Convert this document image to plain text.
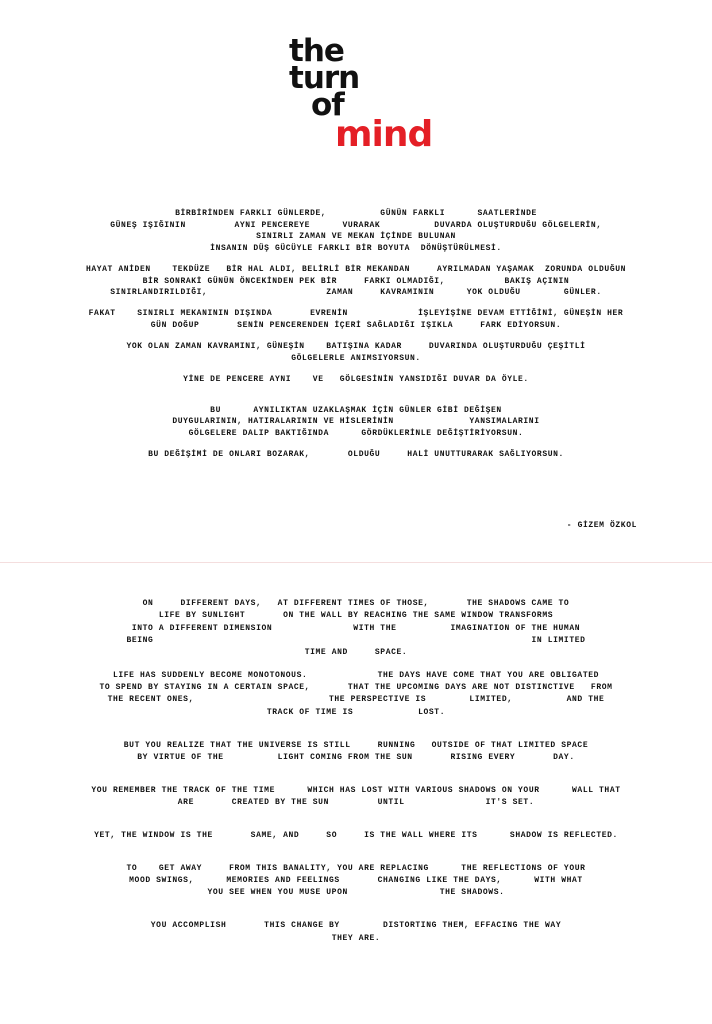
the
turn
of
mind

BİRBİRİNDEN FARKLI GÜNLERDE,          GÜNÜN FARKLI      SAATLERİNDE

GÜNEŞ IŞIĞININ         AYNI PENCEREYE      VURARAK          DUVARDA OLUŞTURDUĞU GÖLGELERİN,

SINIRLI ZAMAN VE MEKAN İÇİNDE BULUNAN

İNSANIN DÜŞ GÜCÜYLE FARKLI BİR BOYUTA  DÖNÜŞTÜRÜLMESİ.

HAYAT ANİDEN    TEKDÜZE   BİR HAL ALDI, BELİRLİ BİR MEKANDAN     AYRILMADAN YAŞAMAK  ZORUNDA OLDUĞUN

BİR SONRAKİ GÜNÜN ÖNCEKİNDEN PEK BİR     FARKI OLMADIĞI,           BAKIŞ AÇININ

SINIRLANDIRILDIĞI,                      ZAMAN     KAVRAMININ      YOK OLDUĞU        GÜNLER.

FAKAT    SINIRLI MEKANININ DIŞINDA       EVRENİN             İŞLEYİŞİNE DEVAM ETTİĞİNİ, GÜNEŞİN HER

GÜN DOĞUP       SENİN PENCERENDEN İÇERİ SAĞLADIĞI IŞIKLA     FARK EDİYORSUN.

YOK OLAN ZAMAN KAVRAMINI, GÜNEŞİN    BATIŞINA KADAR     DUVARINDA OLUŞTURDUĞU ÇEŞİTLİ

GÖLGELERLE ANIMSIYORSUN.

YİNE DE PENCERE AYNI    VE   GÖLGESİNİN YANSIDIĞI DUVAR DA ÖYLE.

BU      AYNILIKTAN UZAKLAŞMAK İÇİN GÜNLER GİBİ DEĞİŞEN

DUYGULARININ, HATIRALARININ VE HİSLERİNİN              YANSIMALARINI

GÖLGELERE DALIP BAKTIĞINDA      GÖRDÜKLERİNLE DEĞİŞTİRİYORSUN.

BU DEĞİŞİMİ DE ONLARI BOZARAK,       OLDUĞU     HALİ UNUTTURARAK SAĞLIYORSUN.

- GİZEM ÖZKOL

ON     DIFFERENT DAYS,   AT DIFFERENT TIMES OF THOSE,       THE SHADOWS CAME TO

LIFE BY SUNLIGHT       ON THE WALL BY REACHING THE SAME WINDOW TRANSFORMS

INTO A DIFFERENT DIMENSION               WITH THE          IMAGINATION OF THE HUMAN

BEING                                                                      IN LIMITED

TIME AND     SPACE.

LIFE HAS SUDDENLY BECOME MONOTONOUS.             THE DAYS HAVE COME THAT YOU ARE OBLIGATED

TO SPEND BY STAYING IN A CERTAIN SPACE,       THAT THE UPCOMING DAYS ARE NOT DISTINCTIVE   FROM

THE RECENT ONES,                         THE PERSPECTIVE IS        LIMITED,          AND THE

TRACK OF TIME IS            LOST.

BUT YOU REALIZE THAT THE UNIVERSE IS STILL     RUNNING   OUTSIDE OF THAT LIMITED SPACE

BY VIRTUE OF THE          LIGHT COMING FROM THE SUN       RISING EVERY       DAY.

YOU REMEMBER THE TRACK OF THE TIME      WHICH HAS LOST WITH VARIOUS SHADOWS ON YOUR      WALL THAT

ARE       CREATED BY THE SUN         UNTIL               IT'S SET.

YET, THE WINDOW IS THE       SAME, AND     SO     IS THE WALL WHERE ITS      SHADOW IS REFLECTED.

TO    GET AWAY     FROM THIS BANALITY, YOU ARE REPLACING      THE REFLECTIONS OF YOUR

MOOD SWINGS,      MEMORIES AND FEELINGS       CHANGING LIKE THE DAYS,      WITH WHAT

YOU SEE WHEN YOU MUSE UPON                 THE SHADOWS.

YOU ACCOMPLISH       THIS CHANGE BY        DISTORTING THEM, EFFACING THE WAY

THEY ARE.
